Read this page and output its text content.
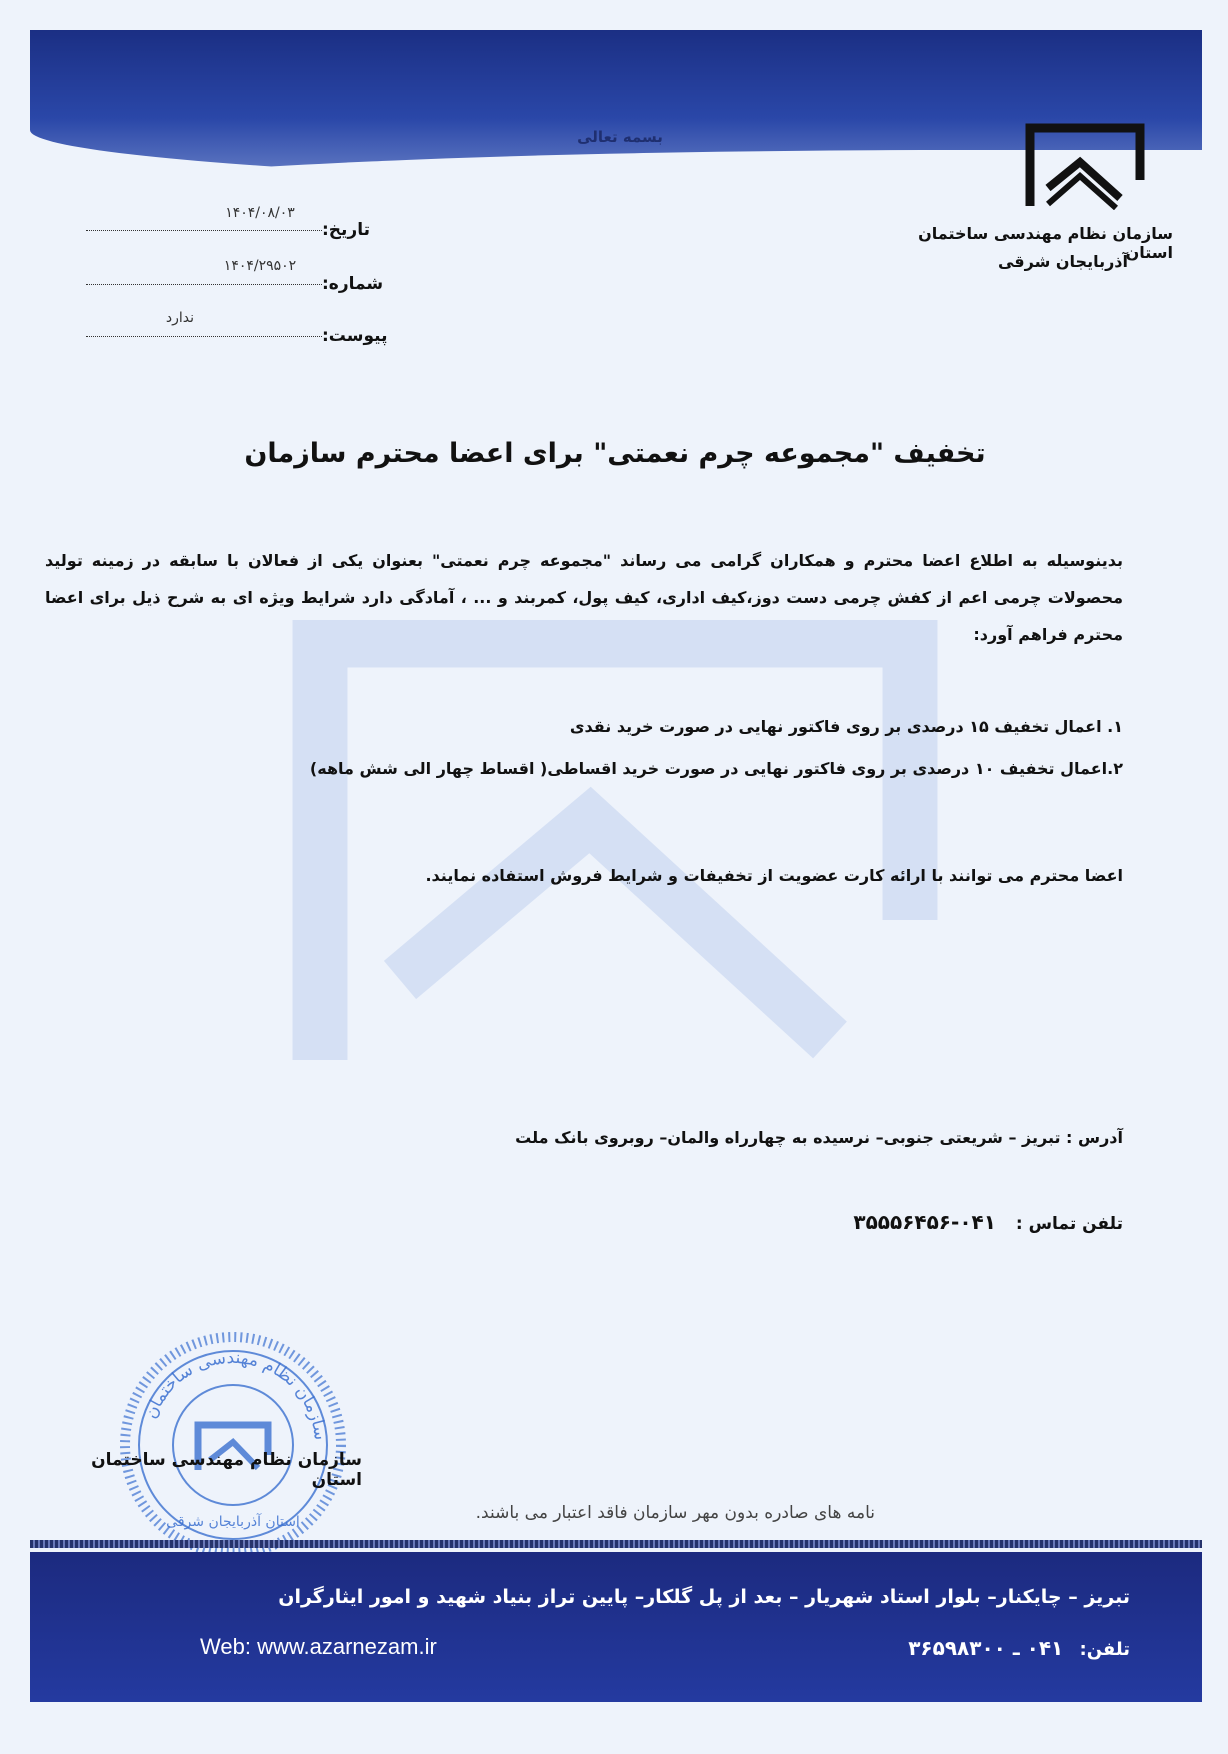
بسمه تعالی
سازمان نظام مهندسی ساختمان استان
آذربایجان شرقی
۱۴۰۴/۰۸/۰۳
تاریخ:
۱۴۰۴/۲۹۵۰۲
شماره:
ندارد
پیوست:
تخفیف "مجموعه چرم نعمتی" برای اعضا محترم سازمان
بدینوسیله به اطلاع اعضا محترم و همکاران گرامی می رساند "مجموعه چرم نعمتی" بعنوان یکی از فعالان با سابقه در زمینه تولید محصولات چرمی اعم از کفش چرمی دست دوز،کیف اداری، کیف پول، کمربند و ... ، آمادگی دارد شرایط ویژه ای به شرح ذیل برای اعضا محترم فراهم آورد:
۱. اعمال تخفیف ۱۵ درصدی بر روی فاکتور نهایی در صورت خرید نقدی
۲.اعمال تخفیف ۱۰ درصدی بر روی فاکتور نهایی در صورت خرید اقساطی( اقساط چهار الی شش ماهه)
اعضا محترم می توانند با ارائه کارت عضویت از تخفیفات و شرایط فروش استفاده نمایند.
آدرس : تبریز – شریعتی جنوبی– نرسیده به چهارراه والمان– روبروی بانک ملت
تلفن تماس : ۰۴۱-۳۵۵۵۶۴۵۶
سازمان نظام مهندسی ساختمان
استان آذربایجان شرقی
سازمان نظام مهندسی ساختمان استان
نامه های صادره بدون مهر سازمان فاقد اعتبار می باشند.
تبریز – چایکنار– بلوار استاد شهریار – بعد از پل گلکار– پایین تراز بنیاد شهید و امور ایثارگران
Web: www.azarnezam.ir	تلفن: ۰۴۱ ـ ۳۶۵۹۸۳۰۰
